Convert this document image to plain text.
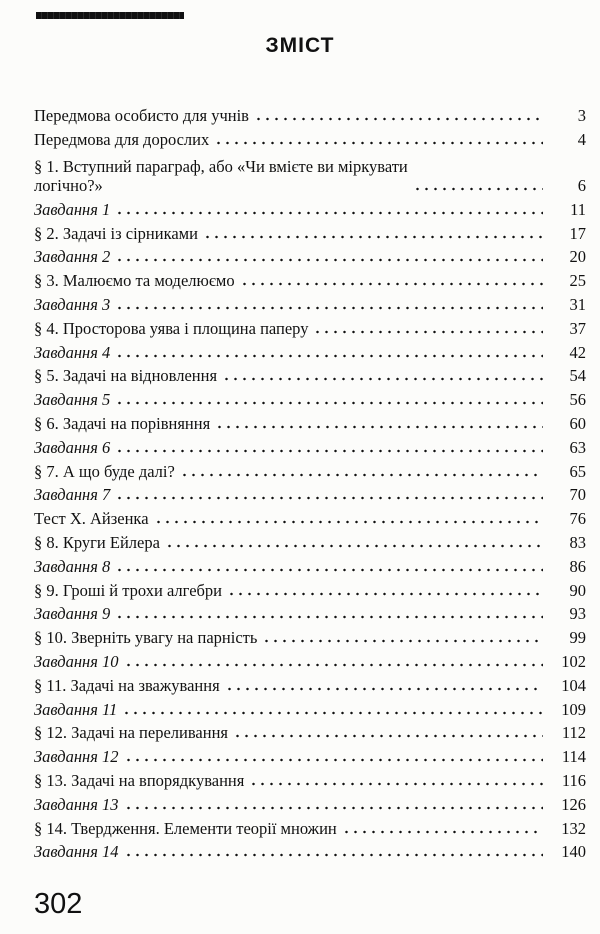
ЗМІСТ
Передмова особисто для учнів	3
Передмова для дорослих	4
§ 1. Вступний параграф, або «Чи вмієте ви міркувати
логічно?»	6
Завдання 1	11
§ 2. Задачі із сірниками	17
Завдання 2	20
§ 3. Малюємо та моделюємо	25
Завдання 3	31
§ 4. Просторова уява і площина паперу	37
Завдання 4	42
§ 5. Задачі на відновлення	54
Завдання 5	56
§ 6. Задачі на порівняння	60
Завдання 6	63
§ 7. А що буде далі?	65
Завдання 7	70
Тест Х. Айзенка	76
§ 8. Круги Ейлера	83
Завдання 8	86
§ 9. Гроші й трохи алгебри	90
Завдання 9	93
§ 10. Зверніть увагу на парність	99
Завдання 10	102
§ 11. Задачі на зважування	104
Завдання 11	109
§ 12. Задачі на переливання	112
Завдання 12	114
§ 13. Задачі на впорядкування	116
Завдання 13	126
§ 14. Твердження. Елементи теорії множин	132
Завдання 14	140
302
